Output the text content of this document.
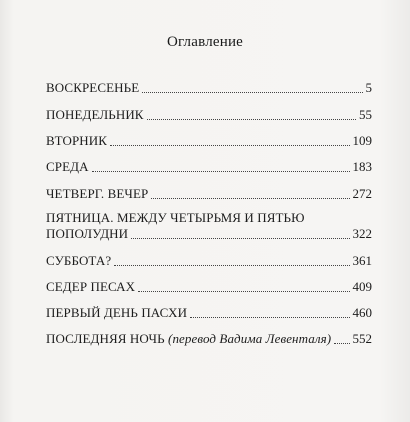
Оглавление
ВОСКРЕСЕНЬЕ	5
ПОНЕДЕЛЬНИК	55
ВТОРНИК	109
СРЕДА	183
ЧЕТВЕРГ. ВЕЧЕР	272
ПЯТНИЦА. МЕЖДУ ЧЕТЫРЬМЯ И ПЯТЬЮ
ПОПОЛУДНИ	322
СУББОТА?	361
СЕДЕР ПЕСАХ	409
ПЕРВЫЙ ДЕНЬ ПАСХИ	460
ПОСЛЕДНЯЯ НОЧЬ (перевод Вадима Левенталя) 552
